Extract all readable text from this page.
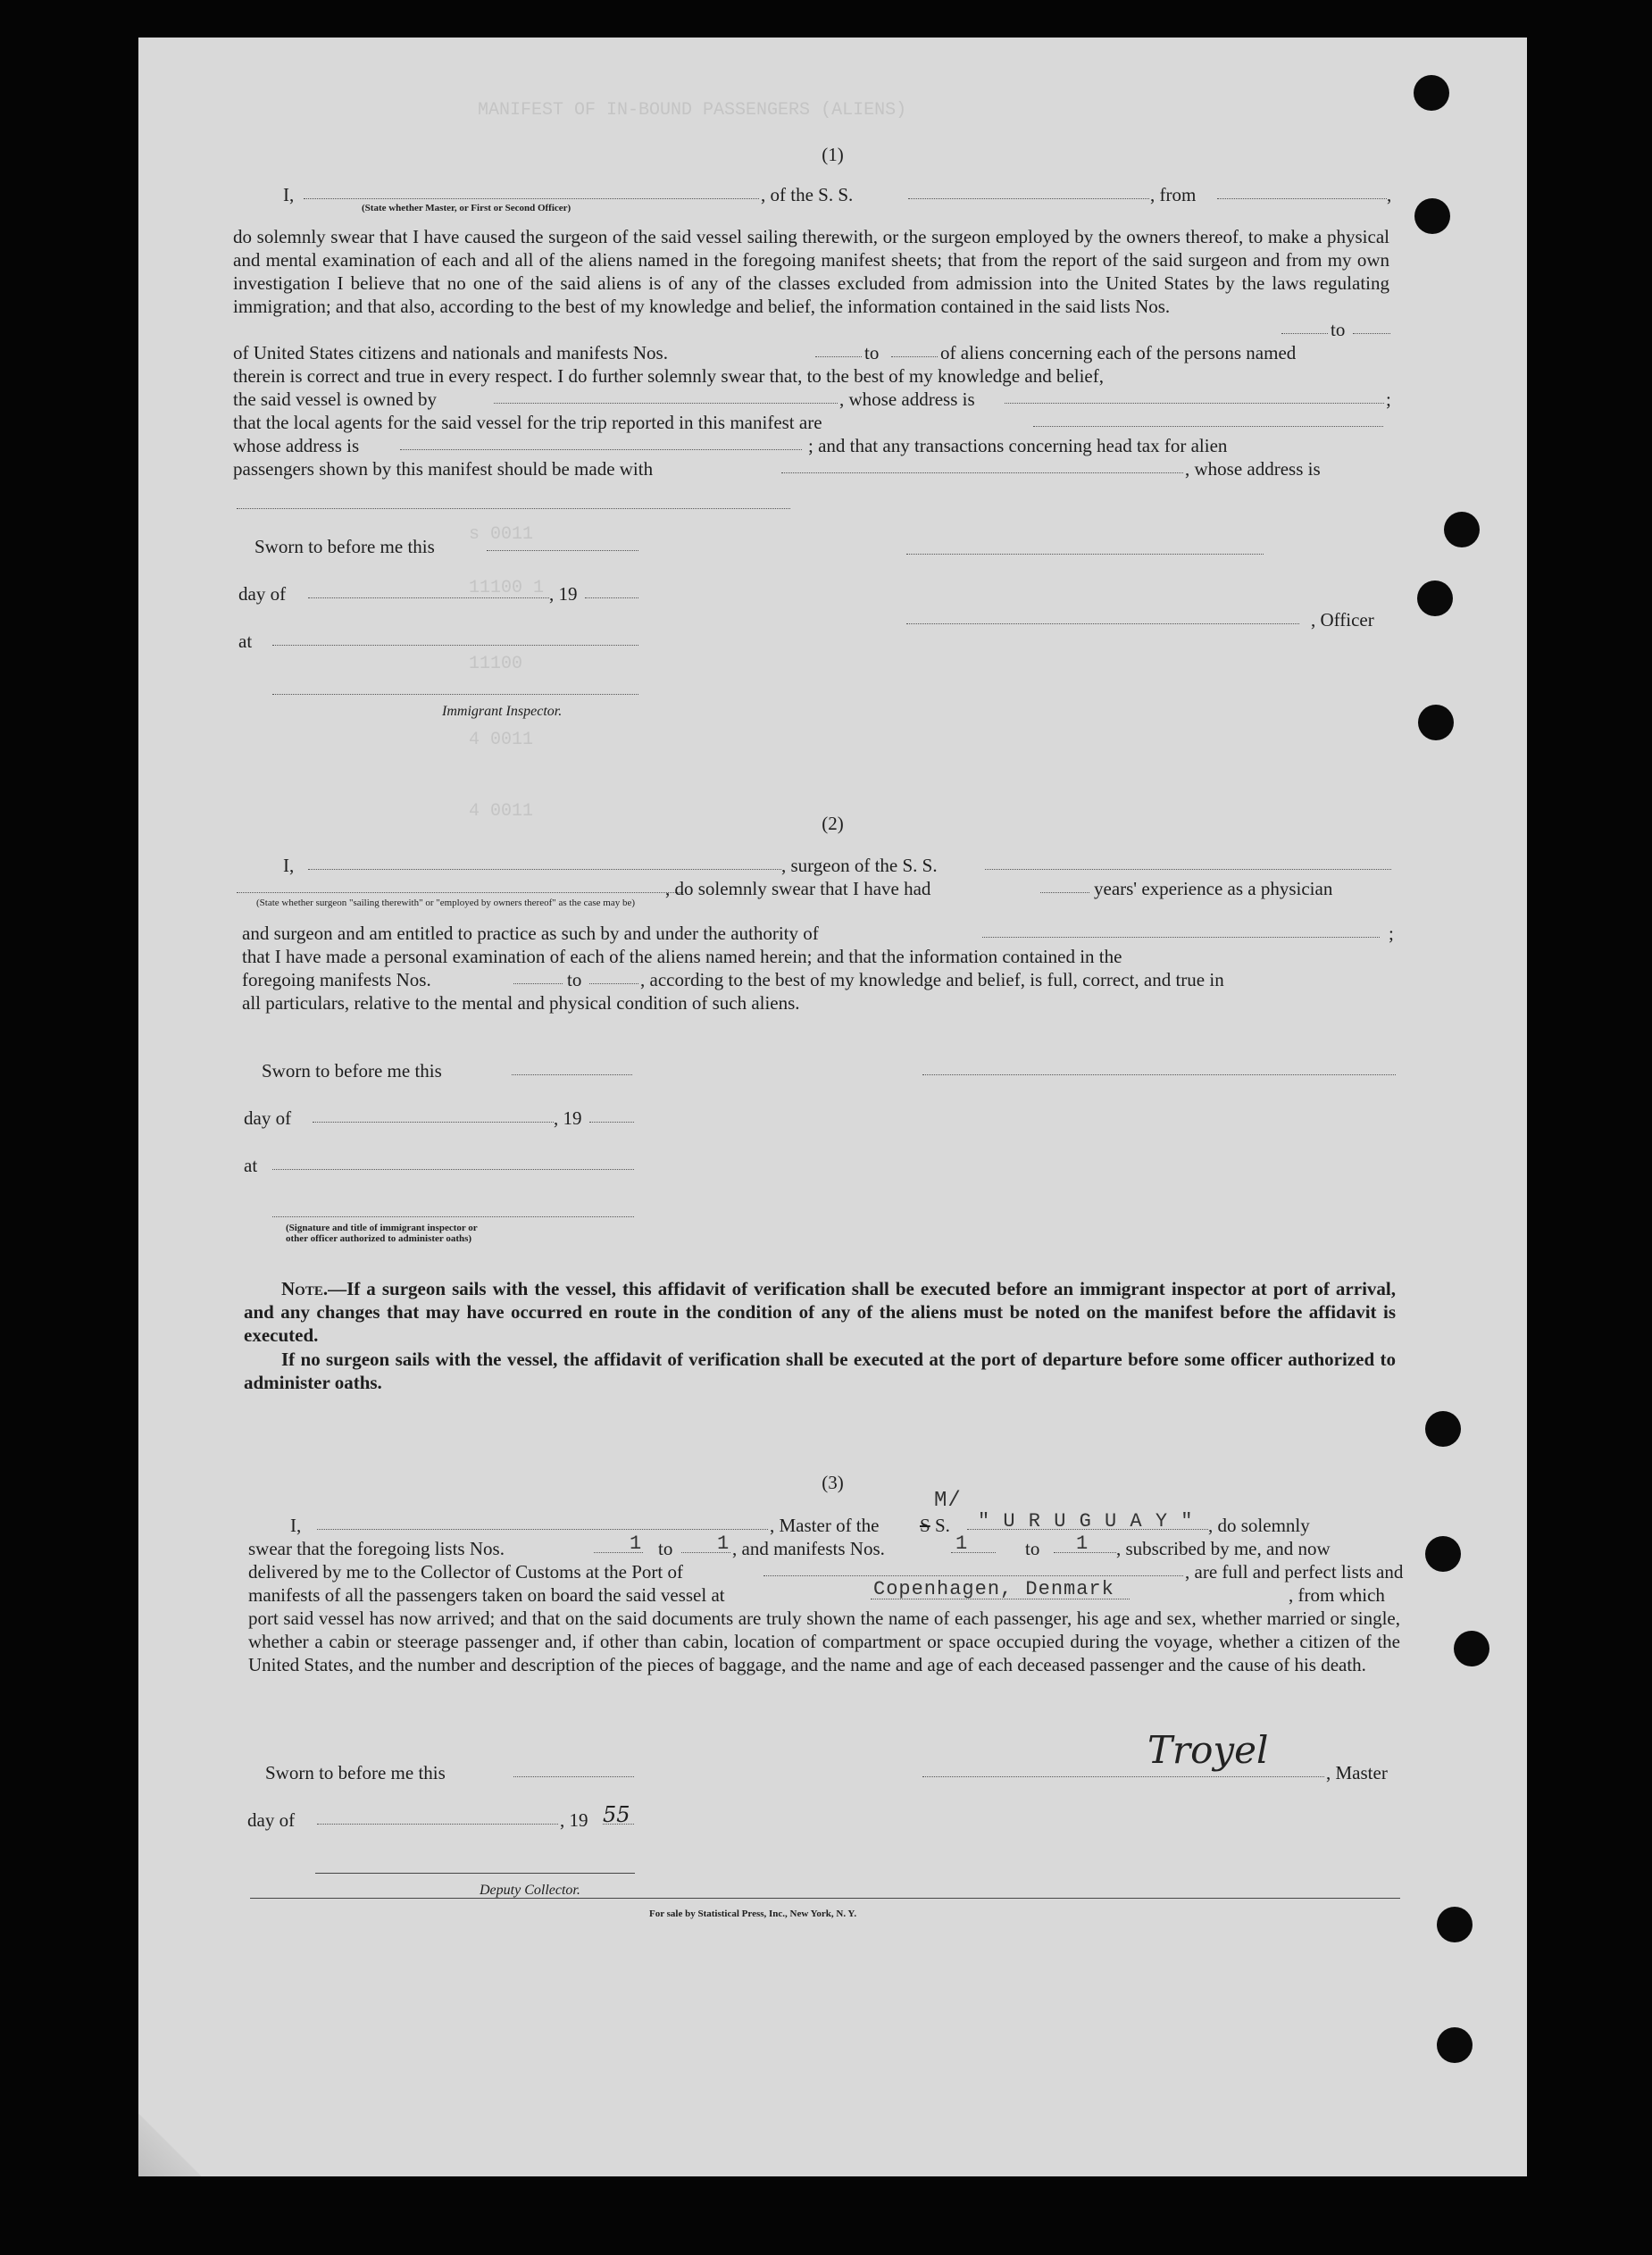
MANIFEST OF IN-BOUND PASSENGERS (ALIENS)
s 0011
11100 1
11100
4 0011
4 0011
(1)
I,	, of the S. S.	, from	,
(State whether Master, or First or Second Officer)
do solemnly swear that I have caused the surgeon of the said vessel sailing therewith, or the surgeon employed by the owners thereof, to make a physical and mental examination of each and all of the aliens named in the foregoing manifest sheets; that from the report of the said surgeon and from my own investigation I believe that no one of the said aliens is of any of the classes excluded from admission into the United States by the laws regulating immigration; and that also, according to the best of my knowledge and belief, the information contained in the said lists Nos.
to
of United States citizens and nationals and manifests Nos.	to	of aliens concerning each of the persons named
therein is correct and true in every respect. I do further solemnly swear that, to the best of my knowledge and belief,
the said vessel is owned by	, whose address is	;
that the local agents for the said vessel for the trip reported in this manifest are
whose address is	; and that any transactions concerning head tax for alien
passengers shown by this manifest should be made with	, whose address is
Sworn to before me this
day of	, 19
, Officer
at
Immigrant Inspector.
(2)
I,	, surgeon of the S. S.
, do solemnly swear that I have had	years' experience as a physician
(State whether surgeon "sailing therewith" or "employed by owners thereof" as the case may be)
and surgeon and am entitled to practice as such by and under the authority of	;
that I have made a personal examination of each of the aliens named herein; and that the information contained in the
foregoing manifests Nos.	to	, according to the best of my knowledge and belief, is full, correct, and true in
all particulars, relative to the mental and physical condition of such aliens.
Sworn to before me this
day of	, 19
at
(Signature and title of immigrant inspector or
other officer authorized to administer oaths)
Note.—If a surgeon sails with the vessel, this affidavit of verification shall be executed before an immigrant inspector at port of arrival, and any changes that may have occurred en route in the condition of any of the aliens must be noted on the manifest before the affidavit is executed.
If no surgeon sails with the vessel, the affidavit of verification shall be executed at the port of departure before some officer authorized to administer oaths.
(3)
M/
I,	, Master of the S S. " U R U G U A Y " , do solemnly
swear that the foregoing lists Nos.	1 to 1 , and manifests Nos.	1	to 1 , subscribed by me, and now
delivered by me to the Collector of Customs at the Port of	, are full and perfect lists and
manifests of all the passengers taken on board the said vessel at	Copenhagen, Denmark	, from which
port said vessel has now arrived; and that on the said documents are truly shown the name of each passenger, his age and sex, whether married or single, whether a cabin or steerage passenger and, if other than cabin, location of compartment or space occupied during the voyage, whether a citizen of the United States, and the number and description of the pieces of baggage, and the name and age of each deceased passenger and the cause of his death.
Sworn to before me this
Troyel
, Master
day of	, 19 55
Deputy Collector.
For sale by Statistical Press, Inc., New York, N. Y.
